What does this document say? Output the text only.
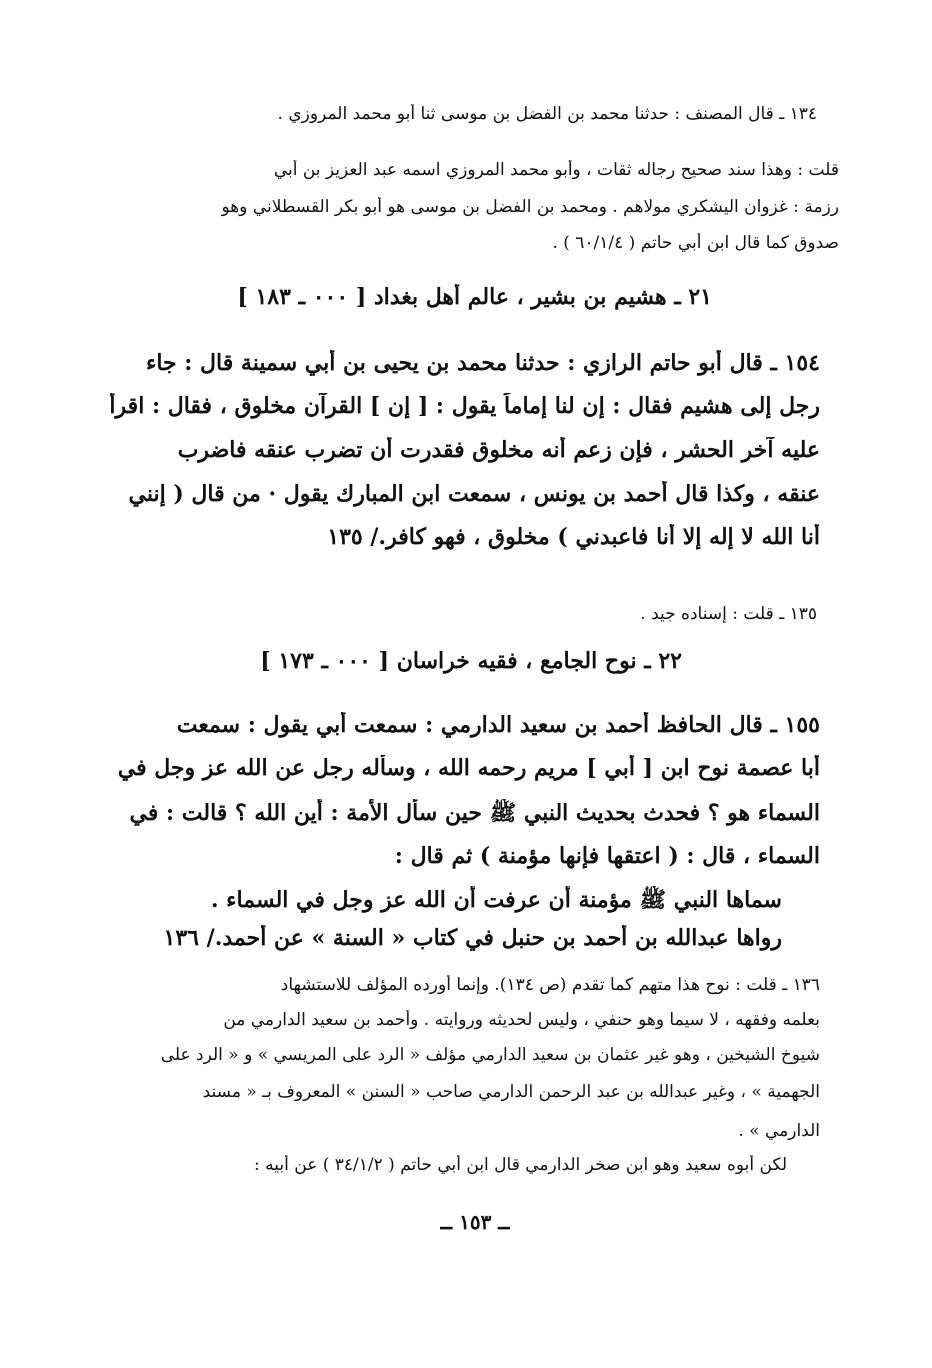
١٣٤ ـ قال المصنف : حدثنا محمد بن الفضل بن موسى ثنا أبو محمد المروزي .
قلت : وهذا سند صحيح رجاله ثقات ، وأبو محمد المروزي اسمه عبد العزيز بن أبي
رزمة : غزوان اليشكري مولاهم . ومحمد بن الفضل بن موسى هو أبو بكر القسطلاني وهو
صدوق كما قال ابن أبي حاتم ( ٦٠/١/٤ ) .
٢١ ـ هشيم بن بشير ، عالم أهل بغداد [ ٠٠٠ ـ ١٨٣ ]
١٥٤ ـ قال أبو حاتم الرازي : حدثنا محمد بن يحيى بن أبي سمينة قال : جاء
رجل إلى هشيم فقال : إن لنا إماماً يقول : [ إن ] القرآن مخلوق ، فقال : اقرأ
عليه آخر الحشر ، فإن زعم أنه مخلوق فقدرت أن تضرب عنقه فاضرب
عنقه ، وكذا قال أحمد بن يونس ، سمعت ابن المبارك يقول · من قال ( إنني
أنا الله لا إله إلا أنا فاعبدني ) مخلوق ، فهو كافر./ ١٣٥
١٣٥ ـ قلت : إسناده جيد .
٢٢ ـ نوح الجامع ، فقيه خراسان [ ٠٠٠ ـ ١٧٣ ]
١٥٥ ـ قال الحافظ أحمد بن سعيد الدارمي : سمعت أبي يقول : سمعت
أبا عصمة نوح ابن [ أبي ] مريم رحمه الله ، وسأله رجل عن الله عز وجل في
السماء هو ؟ فحدث بحديث النبي ﷺ حين سأل الأمة : أين الله ؟ قالت : في
السماء ، قال : ( اعتقها فإنها مؤمنة ) ثم قال :
سماها النبي ﷺ مؤمنة أن عرفت أن الله عز وجل في السماء .
رواها عبدالله بن أحمد بن حنبل في كتاب « السنة » عن أحمد./ ١٣٦
١٣٦ ـ قلت : نوح هذا متهم كما تقدم (ص ١٣٤). وإنما أورده المؤلف للاستشهاد
بعلمه وفقهه ، لا سيما وهو حنفي ، وليس لحديثه وروايته . وأحمد بن سعيد الدارمي من
شيوخ الشيخين ، وهو غير عثمان بن سعيد الدارمي مؤلف « الرد على المريسي » و « الرد على
الجهمية » ، وغير عبدالله بن عبد الرحمن الدارمي صاحب « السنن » المعروف بـ « مسند
الدارمي » .
لكن أبوه سعيد وهو ابن صخر الدارمي قال ابن أبي حاتم ( ٣٤/١/٢ ) عن أبيه :
ــ ١٥٣ ــ
